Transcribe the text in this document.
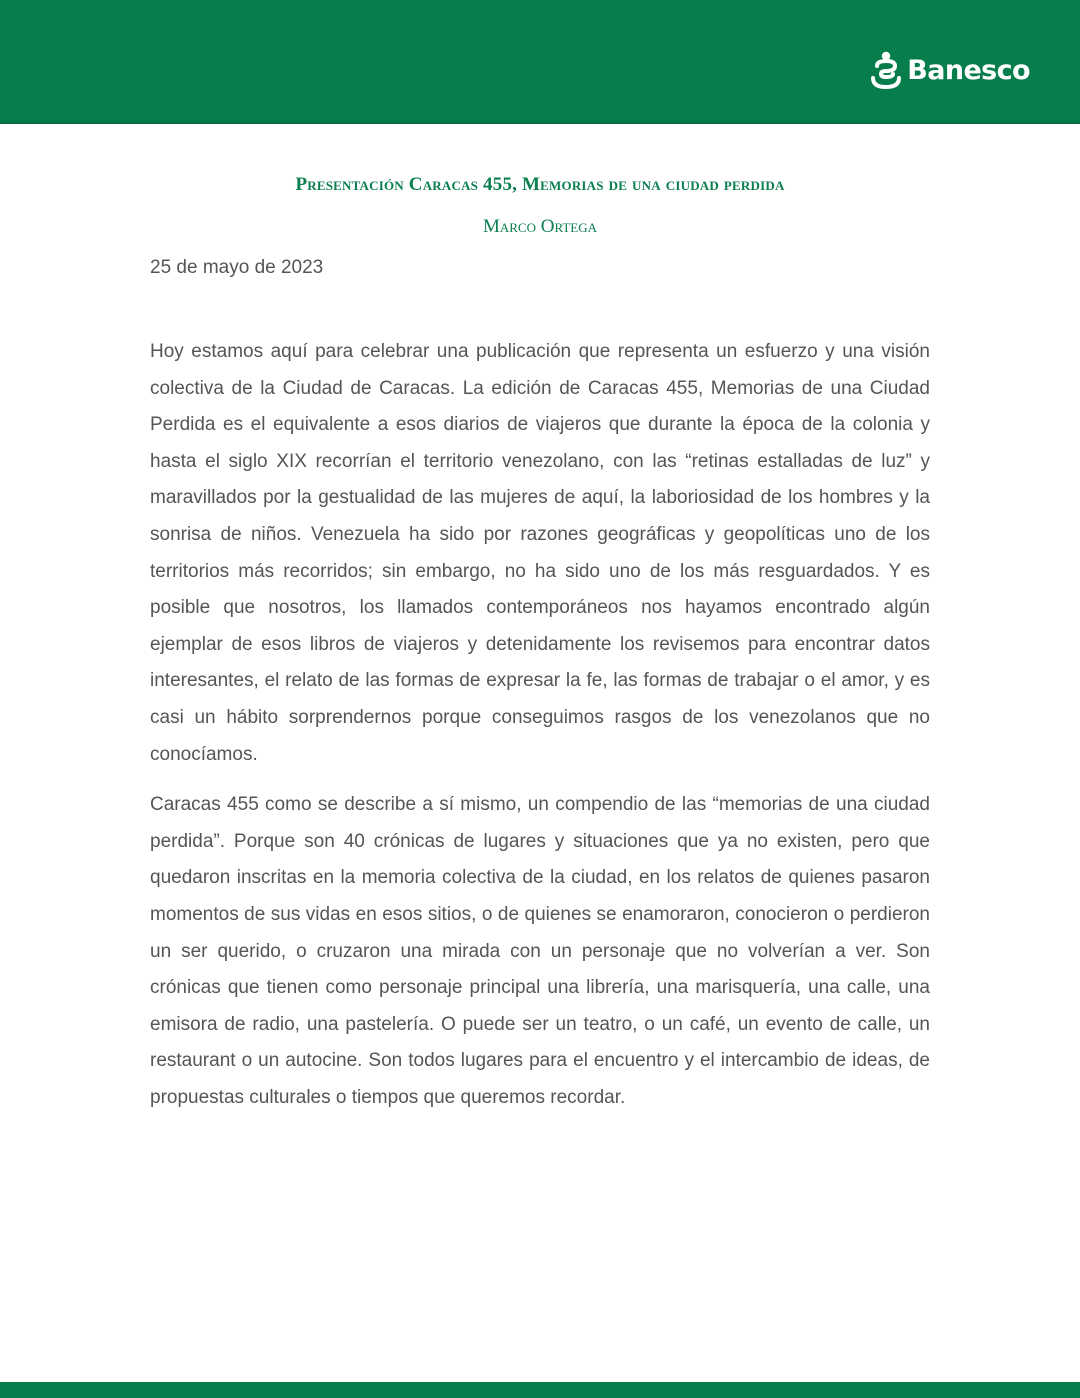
Banesco
Presentación Caracas 455, Memorias de una ciudad perdida
Marco Ortega
25 de mayo de 2023

Hoy estamos aquí para celebrar una publicación que representa un esfuerzo y una visión colectiva de la Ciudad de Caracas. La edición de Caracas 455, Memorias de una Ciudad Perdida es el equivalente a esos diarios de viajeros que durante la época de la colonia y hasta el siglo XIX recorrían el territorio venezolano, con las “retinas estalladas de luz” y maravillados por la gestualidad de las mujeres de aquí, la laboriosidad de los hombres y la sonrisa de niños. Venezuela ha sido por razones geográficas y geopolíticas uno de los territorios más recorridos; sin embargo, no ha sido uno de los más resguardados. Y es posible que nosotros, los llamados contemporáneos nos hayamos encontrado algún ejemplar de esos libros de viajeros y detenidamente los revisemos para encontrar datos interesantes, el relato de las formas de expresar la fe, las formas de trabajar o el amor, y es casi un hábito sorprendernos porque conseguimos rasgos de los venezolanos que no conocíamos.

Caracas 455 como se describe a sí mismo, un compendio de las “memorias de una ciudad perdida”. Porque son 40 crónicas de lugares y situaciones que ya no existen, pero que quedaron inscritas en la memoria colectiva de la ciudad, en los relatos de quienes pasaron momentos de sus vidas en esos sitios, o de quienes se enamoraron, conocieron o perdieron un ser querido, o cruzaron una mirada con un personaje que no volverían a ver. Son crónicas que tienen como personaje principal una librería, una marisquería, una calle, una emisora de radio, una pastelería. O puede ser un teatro, o un café, un evento de calle, un restaurant o un autocine. Son todos lugares para el encuentro y el intercambio de ideas, de propuestas culturales o tiempos que queremos recordar.
